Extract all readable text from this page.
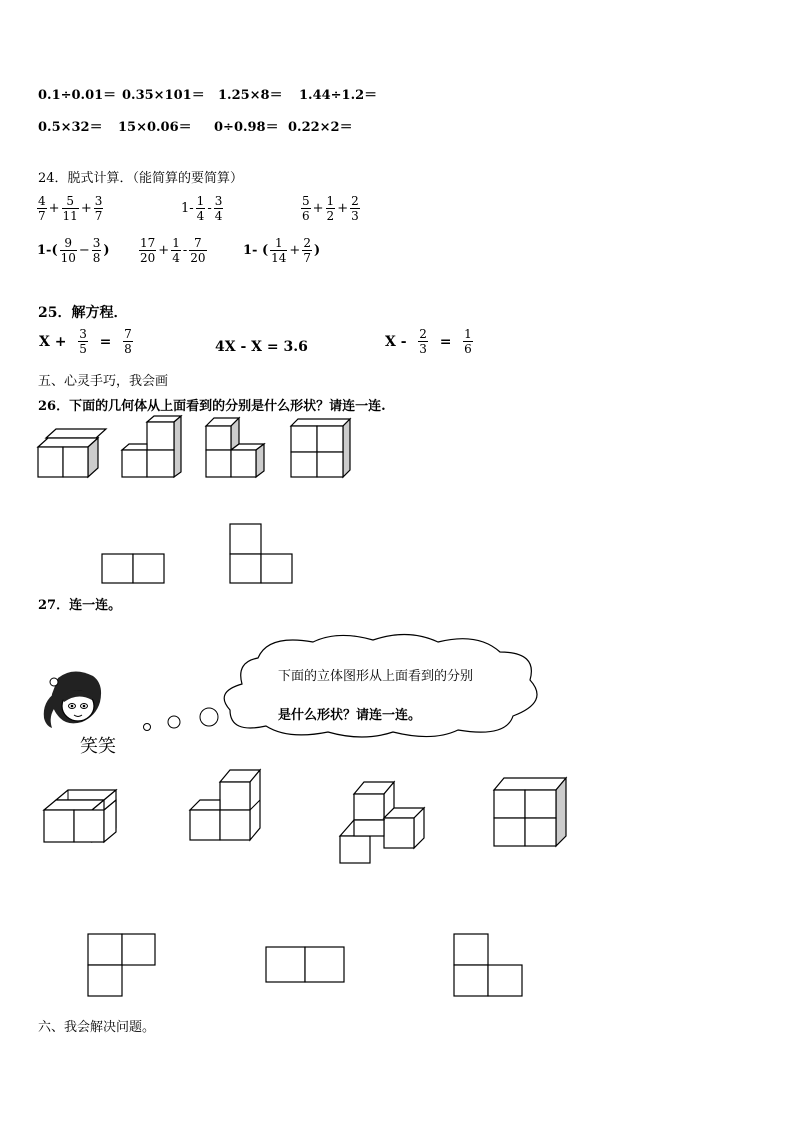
0.1÷0.01＝ 0.35×101＝ 1.25×8＝ 1.44÷1.2＝
0.5×32＝ 15×0.06＝ 0÷0.98＝ 0.22×2＝
24．脱式计算．（能简算的要简算）
$\frac{4}{7} + \frac{5}{11} + \frac{3}{7}$	$1- \frac{1}{4} - \frac{3}{4}$	$\frac{5}{6} + \frac{1}{2} + \frac{2}{3}$
$1-( \frac{9}{10} - \frac{3}{8}$ ) $\frac{17}{20} + \frac{1}{4} - \frac{7}{20}$	1- ( $\frac{1}{14} + \frac{2}{7}$ )
25．解方程．
X +
$\frac{3}{5}$
=
$\frac{7}{8}$	4X - X = 3.6	X -
$\frac{2}{3}$
=
$\frac{1}{6}$
五、心灵手巧，我会画
26．下面的几何体从上面看到的分别是什么形状？请连一连.
27．连一连。
笑笑
下面的立体图形从上面看到的分别
是什么形状？请连一连。
六、我会解决问题。
